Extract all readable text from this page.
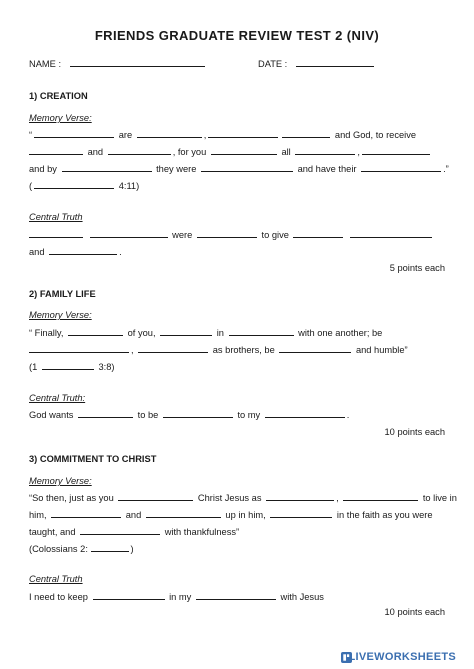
FRIENDS GRADUATE REVIEW TEST 2 (NIV)
NAME :	DATE :
1) CREATION
Memory Verse:
“	are	,	and God, to receive
and	, for you	all	,
and by	they were	and have their	.”
(	4:11)
Central Truth
were	to give
and	.
5 points each
2) FAMILY LIFE
Memory Verse:
“ Finally,	of you,	in	with one another; be
,	as brothers, be	and humble”
(1	3:8)
Central Truth:
God wants	to be	to my	.
10 points each
3) COMMITMENT TO CHRIST
Memory Verse:
“So then, just as you	Christ Jesus as	,	to live in
him,	and	up in him,	in the faith as you were
taught, and	with thankfulness”
(Colossians 2:	)
Central Truth
I need to keep	in my	with Jesus
10 points each
LIVEWORKSHEETS
